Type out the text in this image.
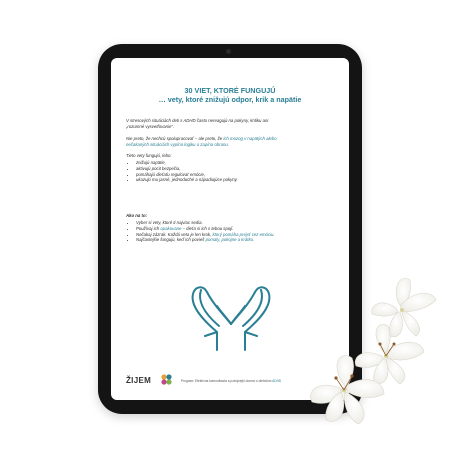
30 VIET, KTORÉ FUNGUJÚ
… vety, ktoré znižujú odpor, krik a napätie
V stresových situáciách deti s ADHD často nereagujú na pokyny, kritiku ani
„rozumné vysvetľovanie“.
Nie preto, že nechcú spolupracovať – ale preto, že ich mozog v napätých alebo
nečakaných situáciách vypína logiku a zapína obranu.
Tieto vety fungujú, lebo:
• znižujú napätie,
• aktivujú pocit bezpečia,
• pomáhajú dieťaťu regulovať emócie,
• ukazujú mu jasné, jednoduché a nápadiujúce pokyny.
Ako na to:
• Vyber si vety, ktoré ti najviac sedia.
• Používaj ich opakovane – dieťa si ich s tebou spojí.
• Nečakaj zázrak. Každá veta je len krok, ktorý pomáha prejsť cez emóciu.
• Najčastejšie fungujú, keď ich povieš pomaly, pokojne a krátko.
ŽIJEM	Program: Efektívna komunikácia a pokojnejší domov s dieťaťom ADHD
